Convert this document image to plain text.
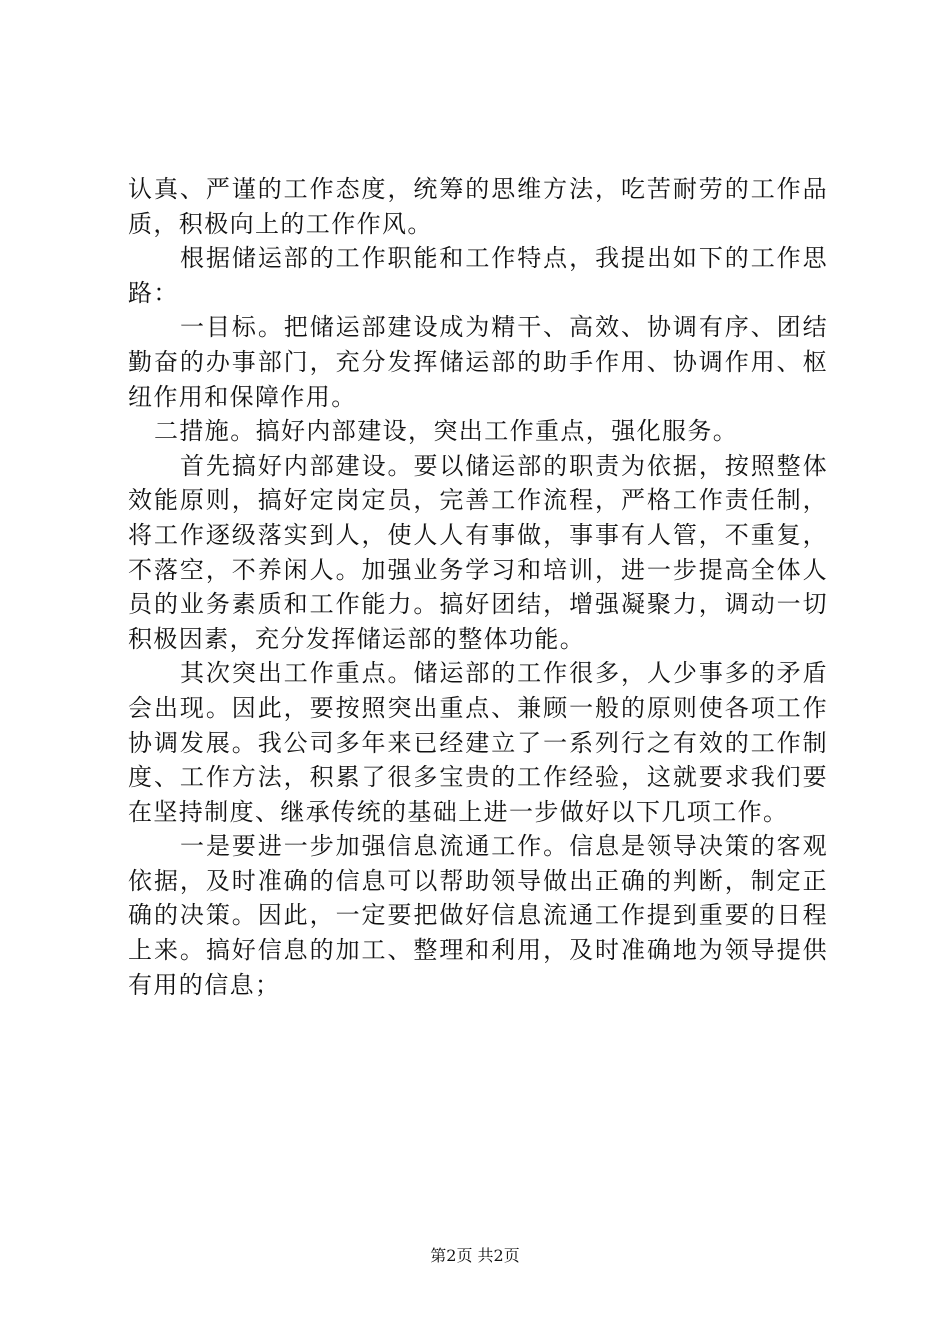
认真、严谨的工作态度，统筹的思维方法，吃苦耐劳的工作品质，积极向上的工作作风。

根据储运部的工作职能和工作特点，我提出如下的工作思路：

一目标。把储运部建设成为精干、高效、协调有序、团结勤奋的办事部门，充分发挥储运部的助手作用、协调作用、枢纽作用和保障作用。

二措施。搞好内部建设，突出工作重点，强化服务。

首先搞好内部建设。要以储运部的职责为依据，按照整体效能原则，搞好定岗定员，完善工作流程，严格工作责任制，将工作逐级落实到人，使人人有事做，事事有人管，不重复，不落空，不养闲人。加强业务学习和培训，进一步提高全体人员的业务素质和工作能力。搞好团结，增强凝聚力，调动一切积极因素，充分发挥储运部的整体功能。

其次突出工作重点。储运部的工作很多，人少事多的矛盾会出现。因此，要按照突出重点、兼顾一般的原则使各项工作协调发展。我公司多年来已经建立了一系列行之有效的工作制度、工作方法，积累了很多宝贵的工作经验，这就要求我们要在坚持制度、继承传统的基础上进一步做好以下几项工作。

一是要进一步加强信息流通工作。信息是领导决策的客观依据，及时准确的信息可以帮助领导做出正确的判断，制定正确的决策。因此，一定要把做好信息流通工作提到重要的日程上来。搞好信息的加工、整理和利用，及时准确地为领导提供有用的信息；

第2页 共2页
